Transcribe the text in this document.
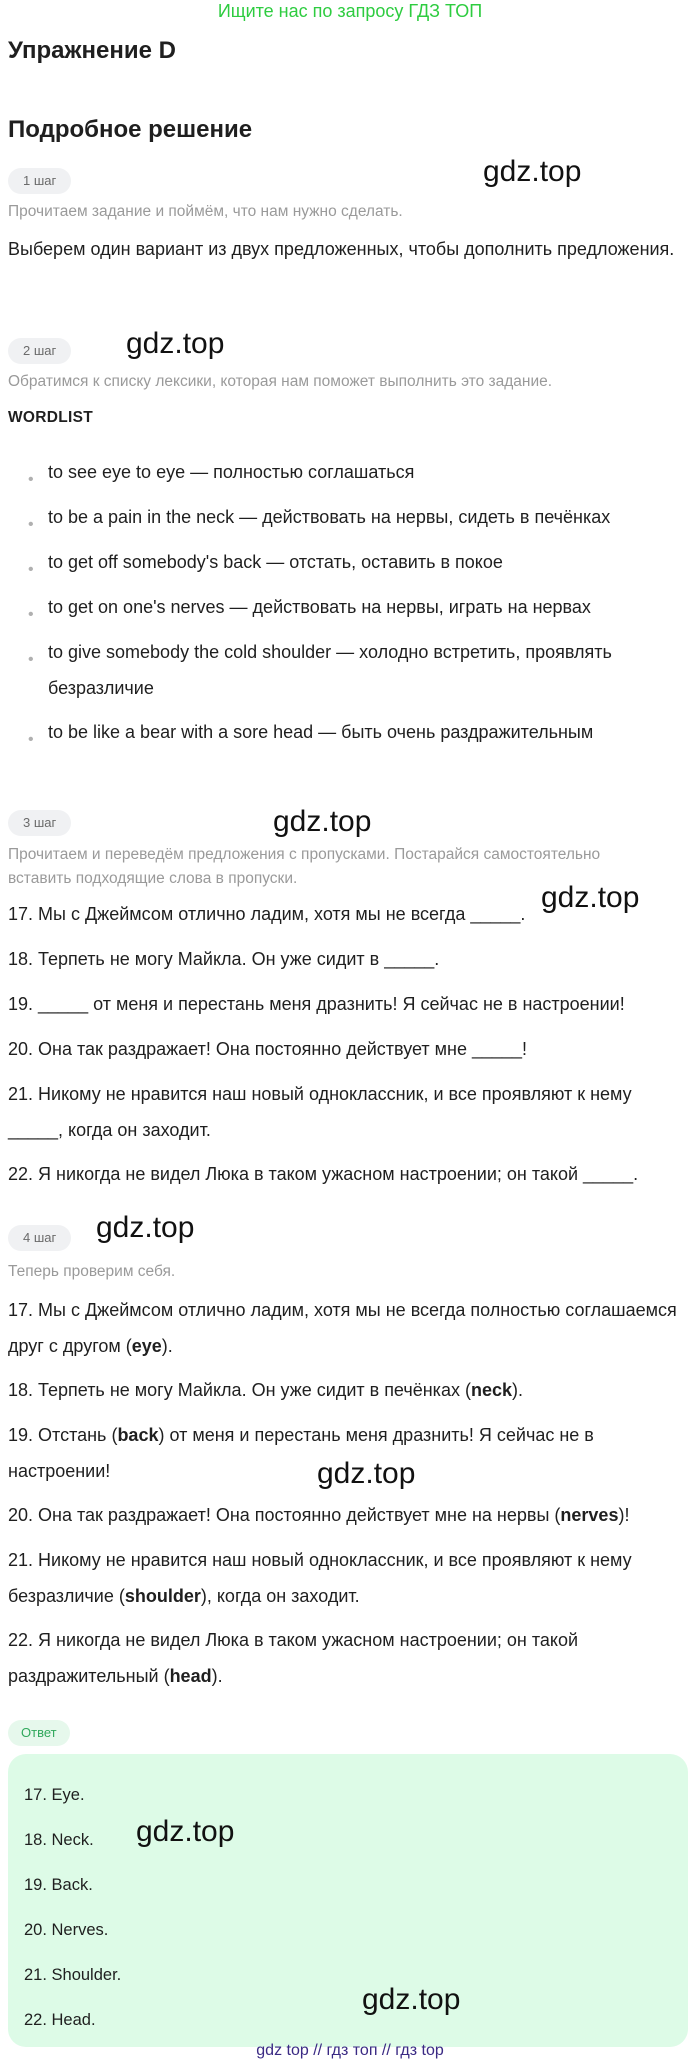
Ищите нас по запросу ГДЗ ТОП
Упражнение D
Подробное решение
1 шаг	gdz.top
Прочитаем задание и поймём, что нам нужно сделать.
Выберем один вариант из двух предложенных, чтобы дополнить предложения.
2 шаг	gdz.top
Обратимся к списку лексики, которая нам поможет выполнить это задание.
WORDLIST
• to see eye to eye — полностью соглашаться
• to be a pain in the neck — действовать на нервы, сидеть в печёнках
• to get off somebody's back — отстать, оставить в покое
• to get on one's nerves — действовать на нервы, играть на нервах
• to give somebody the cold shoulder — холодно встретить, проявлять безразличие
• to be like a bear with a sore head — быть очень раздражительным
3 шаг	gdz.top
Прочитаем и переведём предложения с пропусками. Постарайся самостоятельно вставить подходящие слова в пропуски.
gdz.top
17. Мы с Джеймсом отлично ладим, хотя мы не всегда _____.
18. Терпеть не могу Майкла. Он уже сидит в _____.
19. _____ от меня и перестань меня дразнить! Я сейчас не в настроении!
20. Она так раздражает! Она постоянно действует мне _____!
21. Никому не нравится наш новый одноклассник, и все проявляют к нему _____, когда он заходит.
22. Я никогда не видел Люка в таком ужасном настроении; он такой _____.
4 шаг	gdz.top
Теперь проверим себя.
17. Мы с Джеймсом отлично ладим, хотя мы не всегда полностью соглашаемся друг с другом (eye).
18. Терпеть не могу Майкла. Он уже сидит в печёнках (neck).
19. Отстань (back) от меня и перестань меня дразнить! Я сейчас не в настроении!	gdz.top
20. Она так раздражает! Она постоянно действует мне на нервы (nerves)!
21. Никому не нравится наш новый одноклассник, и все проявляют к нему безразличие (shoulder), когда он заходит.
22. Я никогда не видел Люка в таком ужасном настроении; он такой раздражительный (head).
Ответ
17. Eye.
18. Neck. gdz.top
19. Back.
20. Nerves.
21. Shoulder.
22. Head.
gdz.top
gdz top // гдз топ // гдз top
